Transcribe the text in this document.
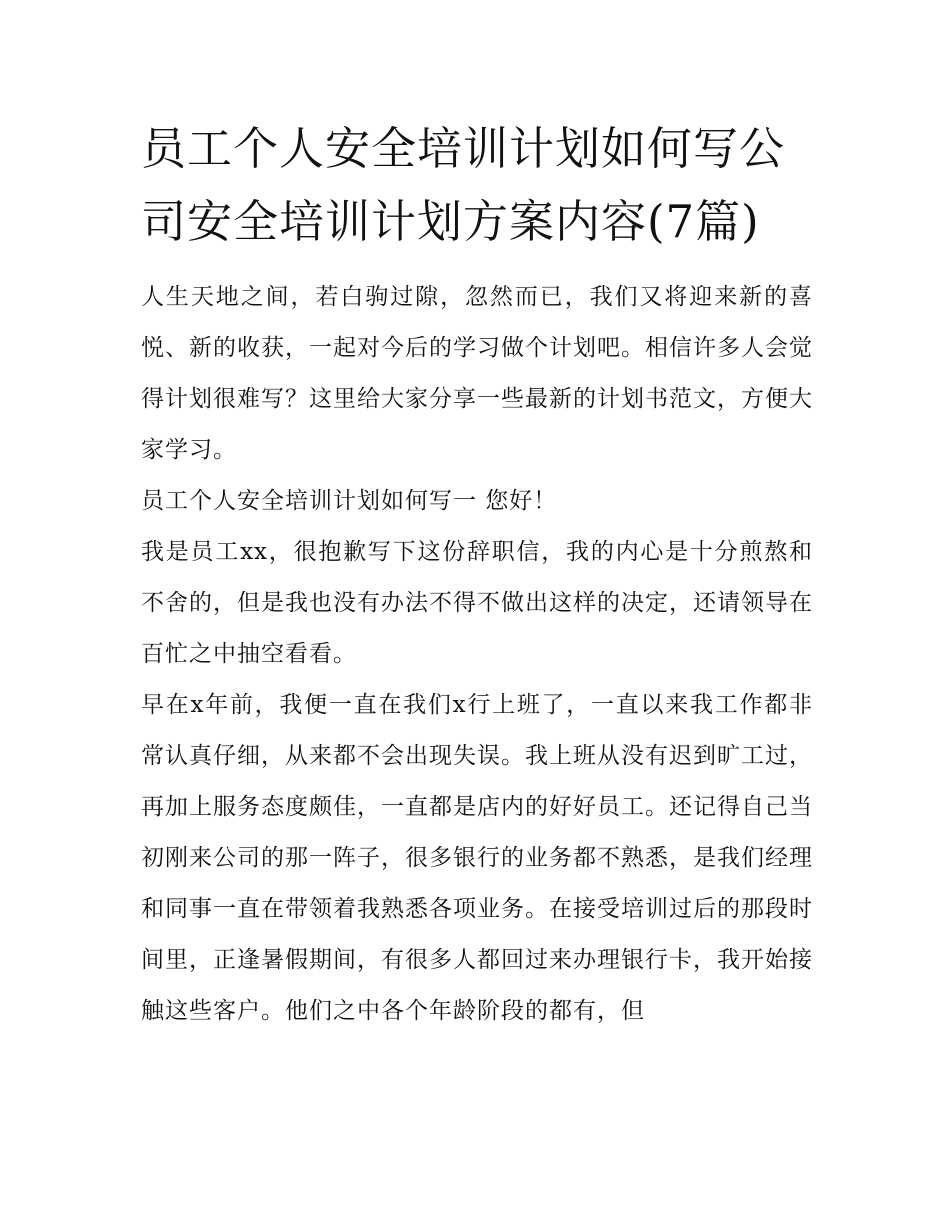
员工个人安全培训计划如何写公司安全培训计划方案内容(7篇)

人生天地之间，若白驹过隙，忽然而已，我们又将迎来新的喜悦、新的收获，一起对今后的学习做个计划吧。相信许多人会觉得计划很难写？这里给大家分享一些最新的计划书范文，方便大家学习。

员工个人安全培训计划如何写一 您好！

我是员工xx，很抱歉写下这份辞职信，我的内心是十分煎熬和不舍的，但是我也没有办法不得不做出这样的决定，还请领导在百忙之中抽空看看。

早在x年前，我便一直在我们x行上班了，一直以来我工作都非常认真仔细，从来都不会出现失误。我上班从没有迟到旷工过，再加上服务态度颇佳，一直都是店内的好好员工。还记得自己当初刚来公司的那一阵子，很多银行的业务都不熟悉，是我们经理和同事一直在带领着我熟悉各项业务。在接受培训过后的那段时间里，正逢暑假期间，有很多人都回过来办理银行卡，我开始接触这些客户。他们之中各个年龄阶段的都有，但
